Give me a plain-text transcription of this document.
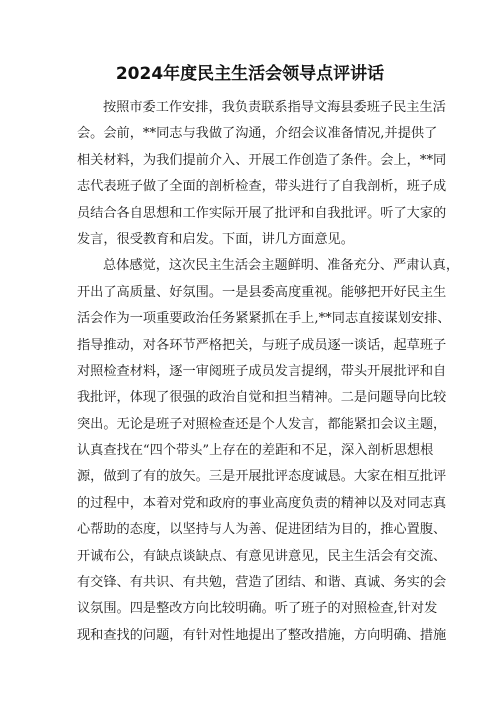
2024年度民主生活会领导点评讲话

按照市委工作安排，我负责联系指导文海县委班子民主生活
会。会前，**同志与我做了沟通，介绍会议准备情况,并提供了
相关材料，为我们提前介入、开展工作创造了条件。会上，**同
志代表班子做了全面的剖析检查，带头进行了自我剖析，班子成
员结合各自思想和工作实际开展了批评和自我批评。听了大家的
发言，很受教育和启发。下面，讲几方面意见。

总体感觉，这次民主生活会主题鲜明、准备充分、严肃认真，
开出了高质量、好氛围。一是县委高度重视。能够把开好民主生
活会作为一项重要政治任务紧紧抓在手上,**同志直接谋划安排、
指导推动，对各环节严格把关，与班子成员逐一谈话，起草班子
对照检查材料，逐一审阅班子成员发言提纲，带头开展批评和自
我批评，体现了很强的政治自觉和担当精神。二是问题导向比较
突出。无论是班子对照检查还是个人发言，都能紧扣会议主题，
认真查找在“四个带头”上存在的差距和不足，深入剖析思想根
源，做到了有的放矢。三是开展批评态度诚恳。大家在相互批评
的过程中，本着对党和政府的事业高度负责的精神以及对同志真
心帮助的态度，以坚持与人为善、促进团结为目的，推心置腹、
开诚布公，有缺点谈缺点、有意见讲意见，民主生活会有交流、
有交锋、有共识、有共勉，营造了团结、和谐、真诚、务实的会
议氛围。四是整改方向比较明确。听了班子的对照检查,针对发
现和查找的问题，有针对性地提出了整改措施，方向明确、措施
